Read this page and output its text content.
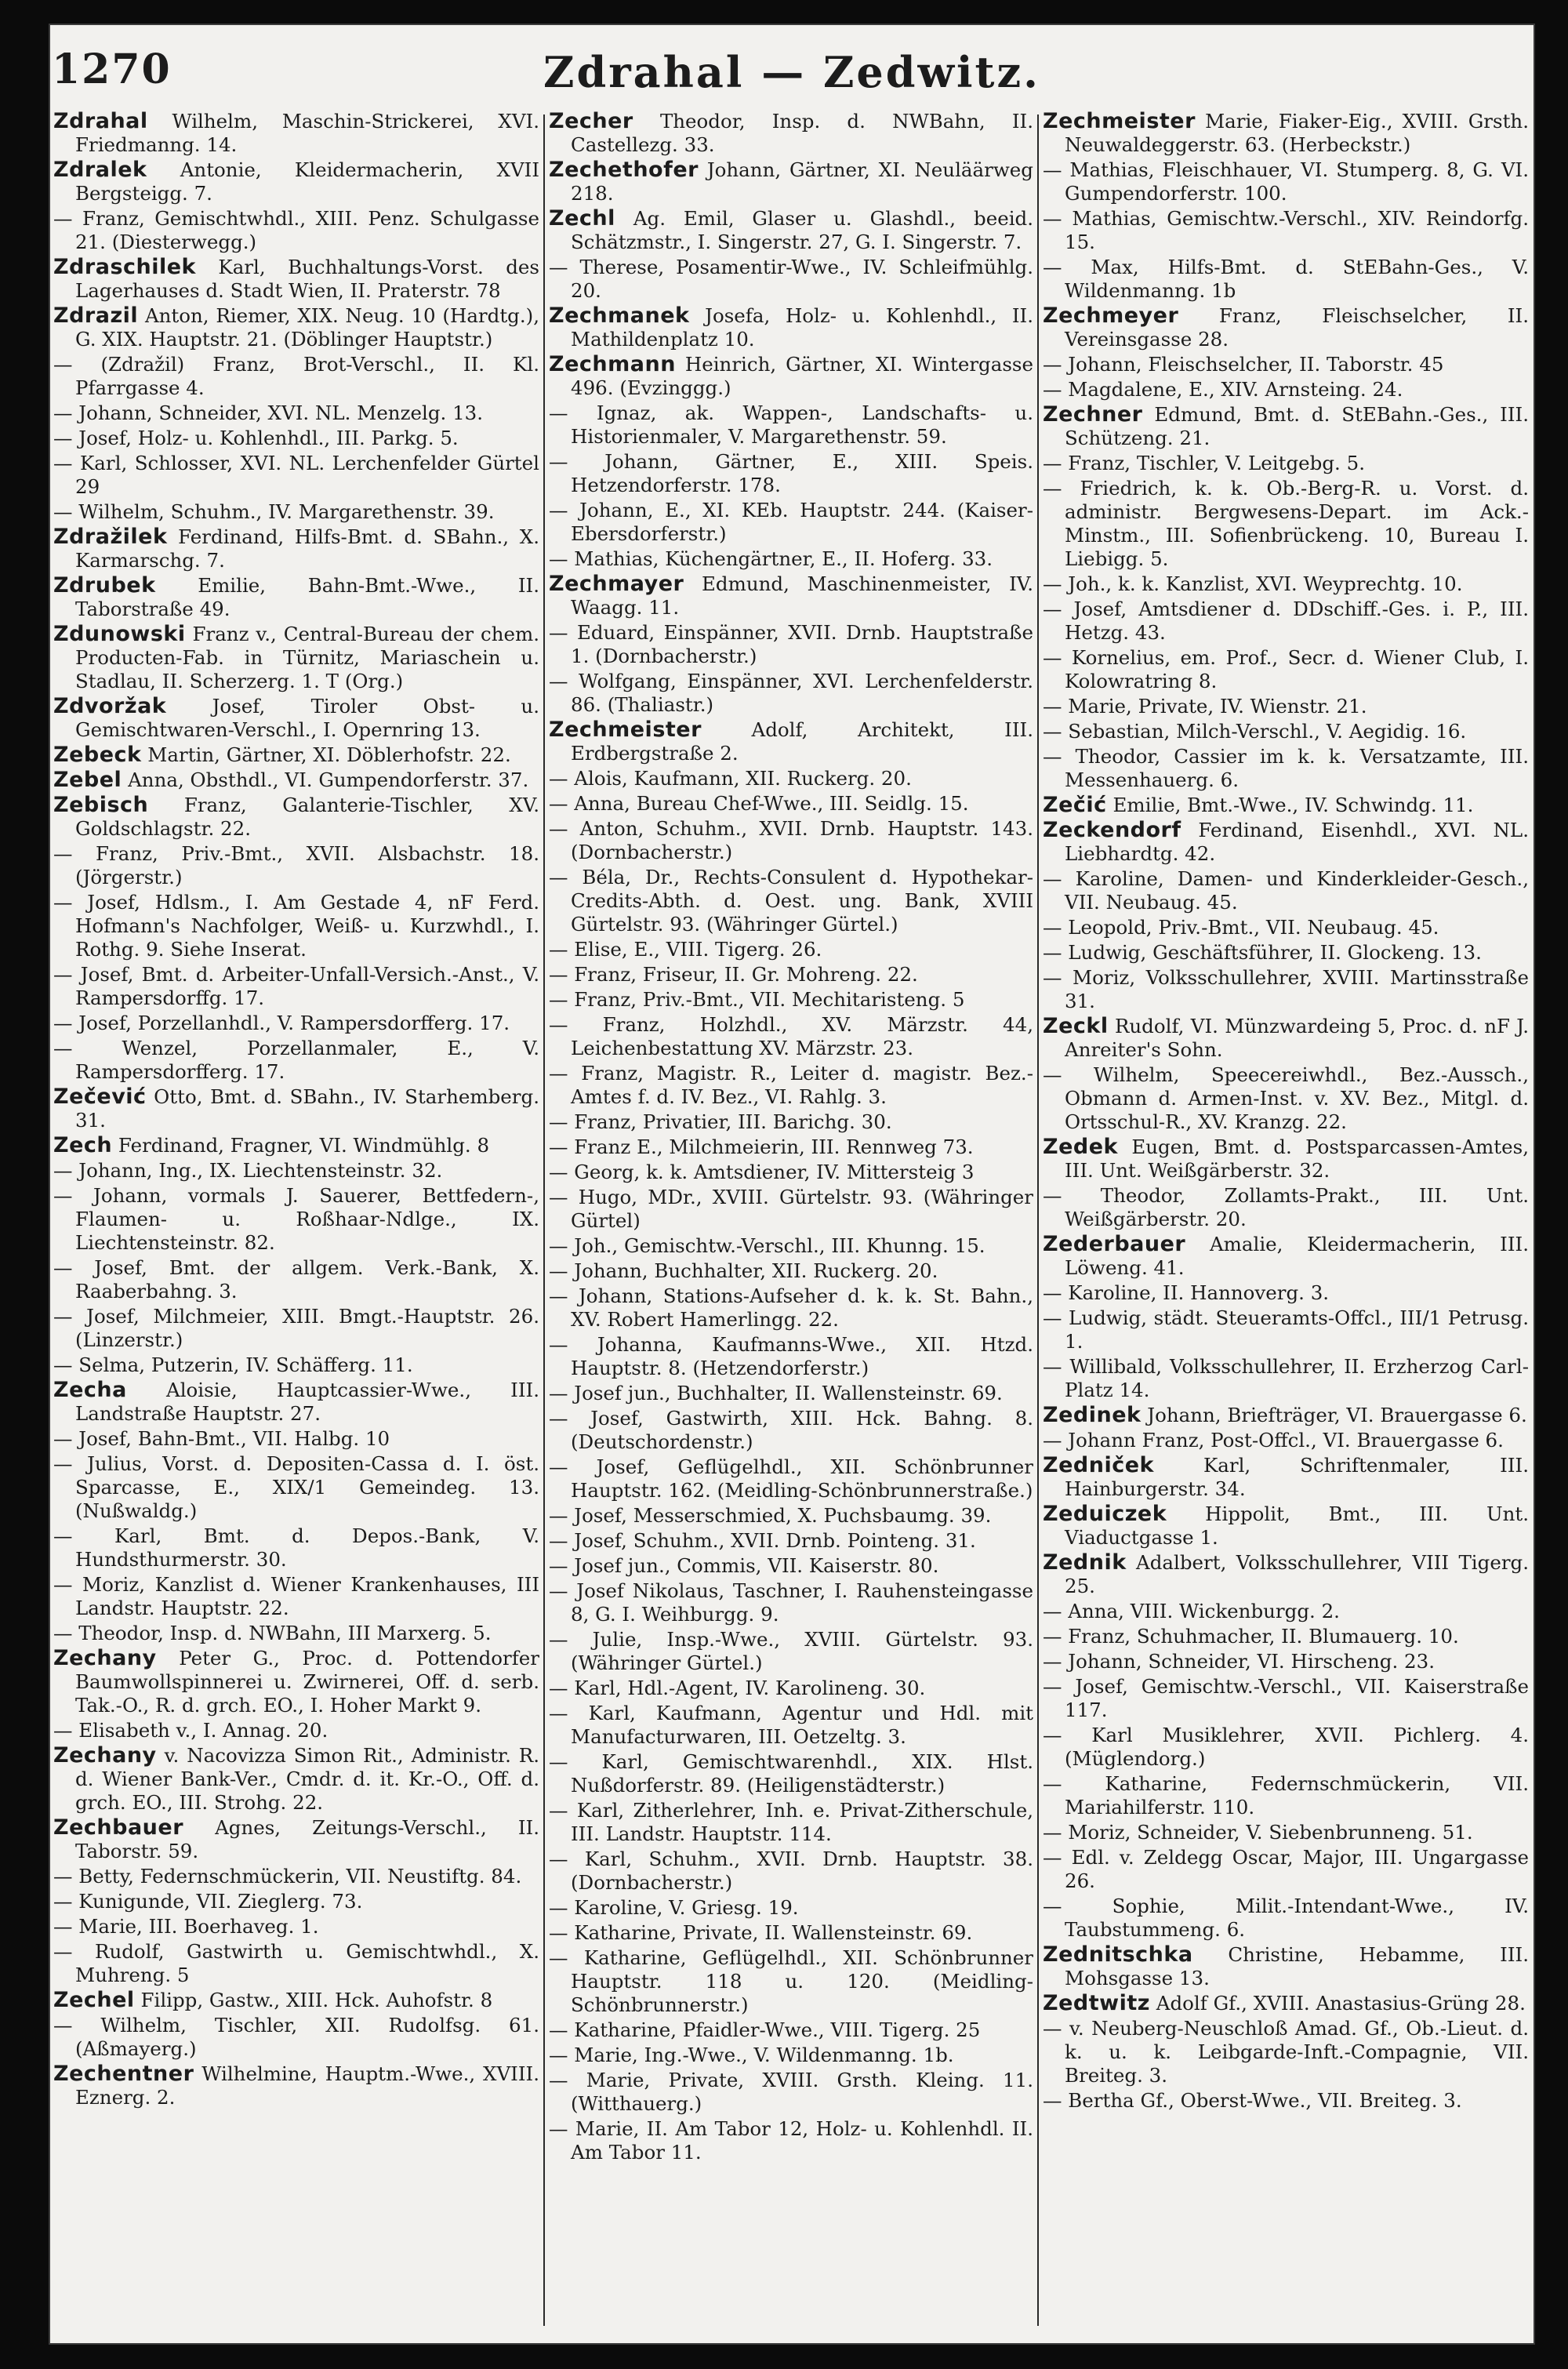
1270	Zdrahal — Zedwitz.

Zdrahal Wilhelm, Maschin-Strickerei, XVI. Friedmanng. 14.

Zdralek Antonie, Kleidermacherin, XVII Bergsteigg. 7.

— Franz, Gemischtwhdl., XIII. Penz. Schulgasse 21. (Diesterwegg.)

Zdraschilek Karl, Buchhaltungs-Vorst. des Lagerhauses d. Stadt Wien, II. Praterstr. 78

Zdrazil Anton, Riemer, XIX. Neug. 10 (Hardtg.), G. XIX. Hauptstr. 21. (Döblinger Hauptstr.)

— (Zdražil) Franz, Brot-Verschl., II. Kl. Pfarrgasse 4.

— Johann, Schneider, XVI. NL. Menzelg. 13.

— Josef, Holz- u. Kohlenhdl., III. Parkg. 5.

— Karl, Schlosser, XVI. NL. Lerchenfelder Gürtel 29

— Wilhelm, Schuhm., IV. Margarethenstr. 39.

Zdražilek Ferdinand, Hilfs-Bmt. d. SBahn., X. Karmarschg. 7.

Zdrubek Emilie, Bahn-Bmt.-Wwe., II. Taborstraße 49.

Zdunowski Franz v., Central-Bureau der chem. Producten-Fab. in Türnitz, Mariaschein u. Stadlau, II. Scherzerg. 1. T (Org.)

Zdvoržak Josef, Tiroler Obst- u. Gemischtwaren-Verschl., I. Opernring 13.

Zebeck Martin, Gärtner, XI. Döblerhofstr. 22.

Zebel Anna, Obsthdl., VI. Gumpendorferstr. 37.

Zebisch Franz, Galanterie-Tischler, XV. Goldschlagstr. 22.

— Franz, Priv.-Bmt., XVII. Alsbachstr. 18. (Jörgerstr.)

— Josef, Hdlsm., I. Am Gestade 4, nF Ferd. Hofmann's Nachfolger, Weiß- u. Kurzwhdl., I. Rothg. 9. Siehe Inserat.

— Josef, Bmt. d. Arbeiter-Unfall-Versich.-Anst., V. Rampersdorffg. 17.

— Josef, Porzellanhdl., V. Rampersdorfferg. 17.

— Wenzel, Porzellanmaler, E., V. Rampersdorfferg. 17.

Zečević Otto, Bmt. d. SBahn., IV. Starhemberg. 31.

Zech Ferdinand, Fragner, VI. Windmühlg. 8

— Johann, Ing., IX. Liechtensteinstr. 32.

— Johann, vormals J. Sauerer, Bettfedern-, Flaumen- u. Roßhaar-Ndlge., IX. Liechtensteinstr. 82.

— Josef, Bmt. der allgem. Verk.-Bank, X. Raaberbahng. 3.

— Josef, Milchmeier, XIII. Bmgt.-Hauptstr. 26. (Linzerstr.)

— Selma, Putzerin, IV. Schäfferg. 11.

Zecha Aloisie, Hauptcassier-Wwe., III. Landstraße Hauptstr. 27.

— Josef, Bahn-Bmt., VII. Halbg. 10

— Julius, Vorst. d. Depositen-Cassa d. I. öst. Sparcasse, E., XIX/1 Gemeindeg. 13. (Nußwaldg.)

— Karl, Bmt. d. Depos.-Bank, V. Hundsthurmerstr. 30.

— Moriz, Kanzlist d. Wiener Krankenhauses, III Landstr. Hauptstr. 22.

— Theodor, Insp. d. NWBahn, III Marxerg. 5.

Zechany Peter G., Proc. d. Pottendorfer Baumwollspinnerei u. Zwirnerei, Off. d. serb. Tak.-O., R. d. grch. EO., I. Hoher Markt 9.

— Elisabeth v., I. Annag. 20.

Zechany v. Nacovizza Simon Rit., Administr. R. d. Wiener Bank-Ver., Cmdr. d. it. Kr.-O., Off. d. grch. EO., III. Strohg. 22.

Zechbauer Agnes, Zeitungs-Verschl., II. Taborstr. 59.

— Betty, Federnschmückerin, VII. Neustiftg. 84.

— Kunigunde, VII. Zieglerg. 73.

— Marie, III. Boerhaveg. 1.

— Rudolf, Gastwirth u. Gemischtwhdl., X. Muhreng. 5

Zechel Filipp, Gastw., XIII. Hck. Auhofstr. 8

— Wilhelm, Tischler, XII. Rudolfsg. 61. (Aßmayerg.)

Zechentner Wilhelmine, Hauptm.-Wwe., XVIII. Eznerg. 2.

Zecher Theodor, Insp. d. NWBahn, II. Castellezg. 33.

Zechethofer Johann, Gärtner, XI. Neuläärweg 218.

Zechl Ag. Emil, Glaser u. Glashdl., beeid. Schätzmstr., I. Singerstr. 27, G. I. Singerstr. 7.

— Therese, Posamentir-Wwe., IV. Schleifmühlg. 20.

Zechmanek Josefa, Holz- u. Kohlenhdl., II. Mathildenplatz 10.

Zechmann Heinrich, Gärtner, XI. Wintergasse 496. (Evzinggg.)

— Ignaz, ak. Wappen-, Landschafts- u. Historienmaler, V. Margarethenstr. 59.

— Johann, Gärtner, E., XIII. Speis. Hetzendorferstr. 178.

— Johann, E., XI. KEb. Hauptstr. 244. (Kaiser-Ebersdorferstr.)

— Mathias, Küchengärtner, E., II. Hoferg. 33.

Zechmayer Edmund, Maschinenmeister, IV. Waagg. 11.

— Eduard, Einspänner, XVII. Drnb. Hauptstraße 1. (Dornbacherstr.)

— Wolfgang, Einspänner, XVI. Lerchenfelderstr. 86. (Thaliastr.)

Zechmeister	Adolf, Architekt, III. Erdbergstraße 2.

— Alois, Kaufmann, XII. Ruckerg. 20.

— Anna, Bureau Chef-Wwe., III. Seidlg. 15.

— Anton, Schuhm., XVII. Drnb. Hauptstr. 143. (Dornbacherstr.)

— Béla, Dr., Rechts-Consulent d. Hypothekar-Credits-Abth. d. Oest. ung. Bank, XVIII Gürtelstr. 93. (Währinger Gürtel.)

— Elise, E., VIII. Tigerg. 26.

— Franz, Friseur, II. Gr. Mohreng. 22.

— Franz, Priv.-Bmt., VII. Mechitaristeng. 5

— Franz, Holzhdl., XV. Märzstr. 44, Leichenbestattung XV. Märzstr. 23.

— Franz, Magistr. R., Leiter d. magistr. Bez.-Amtes f. d. IV. Bez., VI. Rahlg. 3.

— Franz, Privatier, III. Barichg. 30.

— Franz E., Milchmeierin, III. Rennweg 73.

— Georg, k. k. Amtsdiener, IV. Mittersteig 3

— Hugo, MDr., XVIII. Gürtelstr. 93. (Währinger Gürtel)

— Joh., Gemischtw.-Verschl., III. Khunng. 15.

— Johann, Buchhalter, XII. Ruckerg. 20.

— Johann, Stations-Aufseher d. k. k. St. Bahn., XV. Robert Hamerlingg. 22.

— Johanna, Kaufmanns-Wwe., XII. Htzd. Hauptstr. 8. (Hetzendorferstr.)

— Josef jun., Buchhalter, II. Wallensteinstr. 69.

— Josef, Gastwirth, XIII. Hck. Bahng. 8. (Deutschordenstr.)

— Josef, Geflügelhdl., XII. Schönbrunner Hauptstr. 162. (Meidling-Schönbrunnerstraße.)

— Josef, Messerschmied, X. Puchsbaumg. 39.

— Josef, Schuhm., XVII. Drnb. Pointeng. 31.

— Josef jun., Commis, VII. Kaiserstr. 80.

— Josef Nikolaus, Taschner, I. Rauhensteingasse 8, G. I. Weihburgg. 9.

— Julie, Insp.-Wwe., XVIII. Gürtelstr. 93. (Währinger Gürtel.)

— Karl, Hdl.-Agent, IV. Karolineng. 30.

— Karl, Kaufmann, Agentur und Hdl. mit Manufacturwaren, III. Oetzeltg. 3.

— Karl, Gemischtwarenhdl., XIX. Hlst. Nußdorferstr. 89. (Heiligenstädterstr.)

— Karl, Zitherlehrer, Inh. e. Privat-Zitherschule, III. Landstr. Hauptstr. 114.

— Karl, Schuhm., XVII. Drnb. Hauptstr. 38. (Dornbacherstr.)

— Karoline, V. Griesg. 19.

— Katharine, Private, II. Wallensteinstr. 69.

— Katharine, Geflügelhdl., XII. Schönbrunner Hauptstr. 118 u. 120. (Meidling-Schönbrunnerstr.)

— Katharine, Pfaidler-Wwe., VIII. Tigerg. 25

— Marie, Ing.-Wwe., V. Wildenmanng. 1b.

— Marie, Private, XVIII. Grsth. Kleing. 11. (Witthauerg.)

— Marie, II. Am Tabor 12, Holz- u. Kohlenhdl. II. Am Tabor 11.

Zechmeister Marie, Fiaker-Eig., XVIII. Grsth. Neuwaldeggerstr. 63. (Herbeckstr.)

— Mathias, Fleischhauer, VI. Stumperg. 8, G. VI. Gumpendorferstr. 100.

— Mathias, Gemischtw.-Verschl., XIV. Reindorfg. 15.

— Max, Hilfs-Bmt. d. StEBahn-Ges., V. Wildenmanng. 1b

Zechmeyer Franz, Fleischselcher, II. Vereinsgasse 28.

— Johann, Fleischselcher, II. Taborstr. 45

— Magdalene, E., XIV. Arnsteing. 24.

Zechner Edmund, Bmt. d. StEBahn.-Ges., III. Schützeng. 21.

— Franz, Tischler, V. Leitgebg. 5.

— Friedrich, k. k. Ob.-Berg-R. u. Vorst. d. administr. Bergwesens-Depart. im Ack.-Minstm., III. Sofienbrückeng. 10, Bureau I. Liebigg. 5.

— Joh., k. k. Kanzlist, XVI. Weyprechtg. 10.

— Josef, Amtsdiener d. DDschiff.-Ges. i. P., III. Hetzg. 43.

— Kornelius, em. Prof., Secr. d. Wiener Club, I. Kolowratring 8.

— Marie, Private, IV. Wienstr. 21.

— Sebastian, Milch-Verschl., V. Aegidig. 16.

— Theodor, Cassier im k. k. Versatzamte, III. Messenhauerg. 6.

Zečić Emilie, Bmt.-Wwe., IV. Schwindg. 11.

Zeckendorf Ferdinand, Eisenhdl., XVI. NL. Liebhardtg. 42.

— Karoline, Damen- und Kinderkleider-Gesch., VII. Neubaug. 45.

— Leopold, Priv.-Bmt., VII. Neubaug. 45.

— Ludwig, Geschäftsführer, II. Glockeng. 13.

— Moriz, Volksschullehrer, XVIII. Martinsstraße 31.

Zeckl Rudolf, VI. Münzwardeing 5, Proc. d. nF J. Anreiter's Sohn.

— Wilhelm, Speecereiwhdl., Bez.-Aussch., Obmann d. Armen-Inst. v. XV. Bez., Mitgl. d. Ortsschul-R., XV. Kranzg. 22.

Zedek Eugen, Bmt. d. Postsparcassen-Amtes, III. Unt. Weißgärberstr. 32.

— Theodor, Zollamts-Prakt., III. Unt. Weißgärberstr. 20.

Zederbauer Amalie, Kleidermacherin, III. Löweng. 41.

— Karoline, II. Hannoverg. 3.

— Ludwig, städt. Steueramts-Offcl., III/1 Petrusg. 1.

— Willibald, Volksschullehrer, II. Erzherzog Carl-Platz 14.

Zedinek Johann, Briefträger, VI. Brauergasse 6.

— Johann Franz, Post-Offcl., VI. Brauergasse 6.

Zedniček	Karl, Schriftenmaler, III. Hainburgerstr. 34.

Zeduiczek Hippolit, Bmt., III. Unt. Viaductgasse 1.

Zednik Adalbert, Volksschullehrer, VIII Tigerg. 25.

— Anna, VIII. Wickenburgg. 2.

— Franz, Schuhmacher, II. Blumauerg. 10.

— Johann, Schneider, VI. Hirscheng. 23.

— Josef, Gemischtw.-Verschl., VII. Kaiserstraße 117.

— Karl Musiklehrer, XVII. Pichlerg. 4. (Müglendorg.)

— Katharine, Federnschmückerin, VII. Mariahilferstr. 110.

— Moriz, Schneider, V. Siebenbrunneng. 51.

— Edl. v. Zeldegg Oscar, Major, III. Ungargasse 26.

— Sophie, Milit.-Intendant-Wwe., IV. Taubstummeng. 6.

Zednitschka Christine, Hebamme, III. Mohsgasse 13.

Zedtwitz Adolf Gf., XVIII. Anastasius-Grüng 28.

— v. Neuberg-Neuschloß Amad. Gf., Ob.-Lieut. d. k. u. k. Leibgarde-Inft.-Compagnie, VII. Breiteg. 3.

— Bertha Gf., Oberst-Wwe., VII. Breiteg. 3.
